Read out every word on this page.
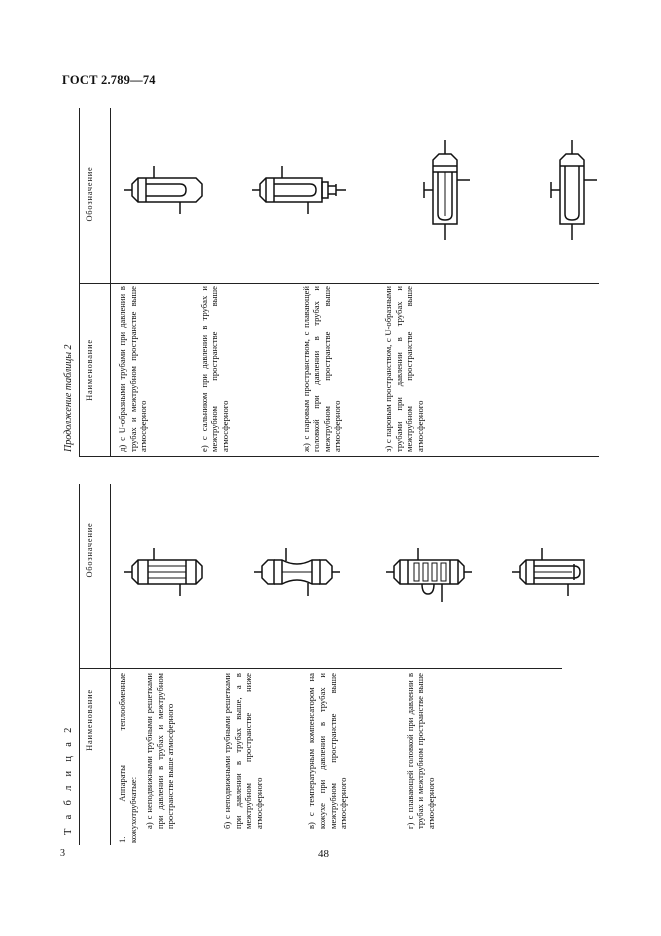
ГОСТ 2.789—74
Т а б л и ц а 2
Наименование
Обозначение
1. Аппараты теплообменные кожухотрубчатые: а) с неподвижными трубными решетками при давлении в трубах и межтрубном пространстве выше атмосферного	б) с неподвижными трубными решетками при давлении в трубах выше, а в межтрубном пространстве ниже атмосферного	в) с температурным компенсатором на кожухе при давлении в трубах и межтрубном пространстве выше атмосферного	г) с плавающей головкой при давлении в трубах и межтрубном пространстве выше атмосферного
Продолжение таблицы 2 Наименование
Обозначение
д) с U-образными трубами при давлении в трубах и межтрубном пространстве выше атмосферного	е) с сальником при давлении в трубах и межтрубном пространстве выше атмосферного	ж) с паровым пространством, с плавающей головкой при давлении в трубах и межтрубном пространстве выше атмосферного	з) с паровым пространством, с U-образными трубами при давлении в трубах и межтрубном пространстве выше атмосферного
3	48
